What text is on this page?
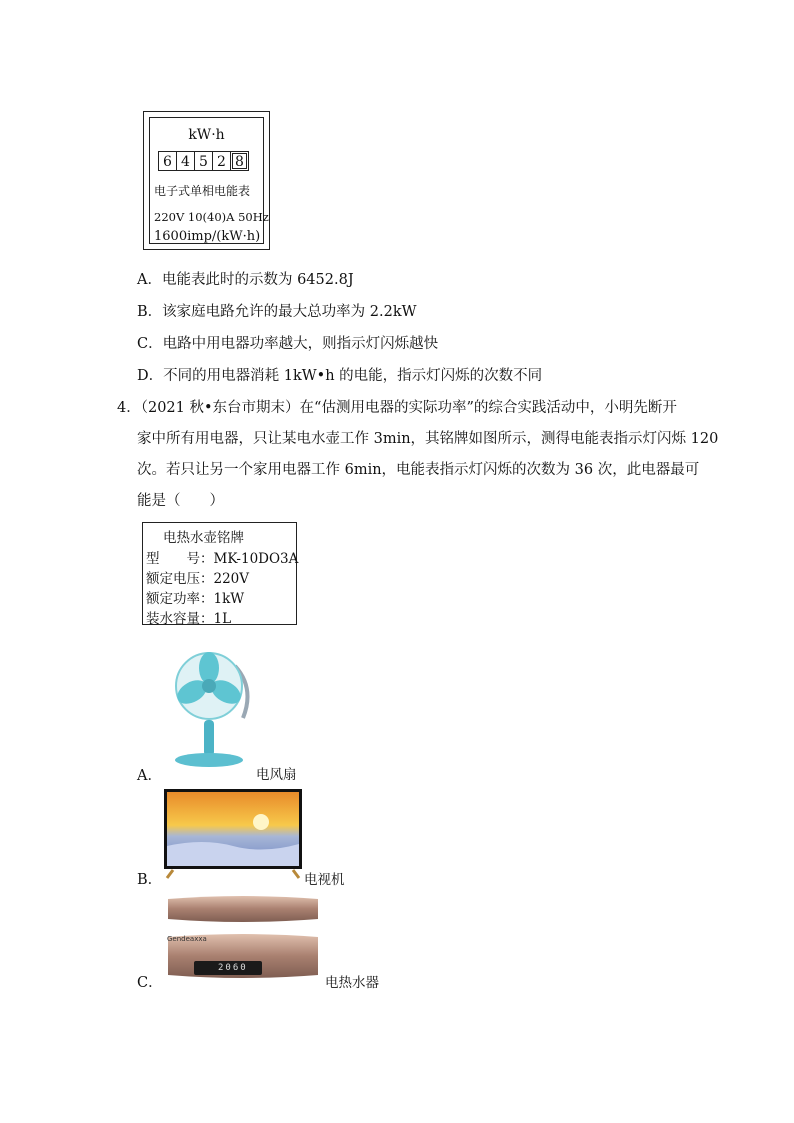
kW·h
6 4 5 2 8
电子式单相电能表
220V 10(40)A 50Hz
1600imp/(kW·h)
A．电能表此时的示数为 6452.8J
B．该家庭电路允许的最大总功率为 2.2kW
C．电路中用电器功率越大，则指示灯闪烁越快
D．不同的用电器消耗 1kW•h 的电能，指示灯闪烁的次数不同
4．（2021 秋•东台市期末）在“估测用电器的实际功率”的综合实践活动中，小明先断开
家中所有用电器，只让某电水壶工作 3min，其铭牌如图所示，测得电能表指示灯闪烁 120
次。若只让另一个家用电器工作 6min，电能表指示灯闪烁的次数为 36 次，此电器最可
能是（　　）
电热水壶铭牌
型　　号：MK-10DO3A
额定电压：220V
额定功率：1kW
装水容量：1L
A．	电风扇
B．	电视机
C．
Gendeaxxa
2060
电热水器
